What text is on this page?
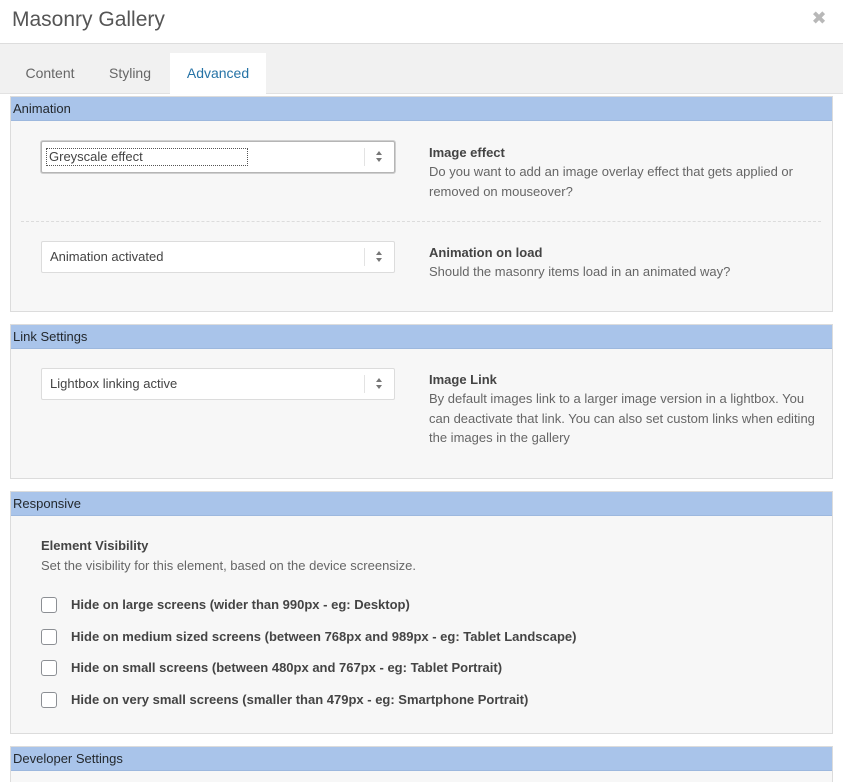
Masonry Gallery	✖
Content	Styling	Advanced
Animation
Greyscale effect	Image effect
Do you want to add an image overlay effect that gets applied or removed on mouseover?
Animation activated	Animation on load
Should the masonry items load in an animated way?
Link Settings
Lightbox linking active	Image Link
By default images link to a larger image version in a lightbox. You can deactivate that link. You can also set custom links when editing the images in the gallery
Responsive
Element Visibility
Set the visibility for this element, based on the device screensize.
Hide on large screens (wider than 990px - eg: Desktop)
Hide on medium sized screens (between 768px and 989px - eg: Tablet Landscape)
Hide on small screens (between 480px and 767px - eg: Tablet Portrait)
Hide on very small screens (smaller than 479px - eg: Smartphone Portrait)
Developer Settings
